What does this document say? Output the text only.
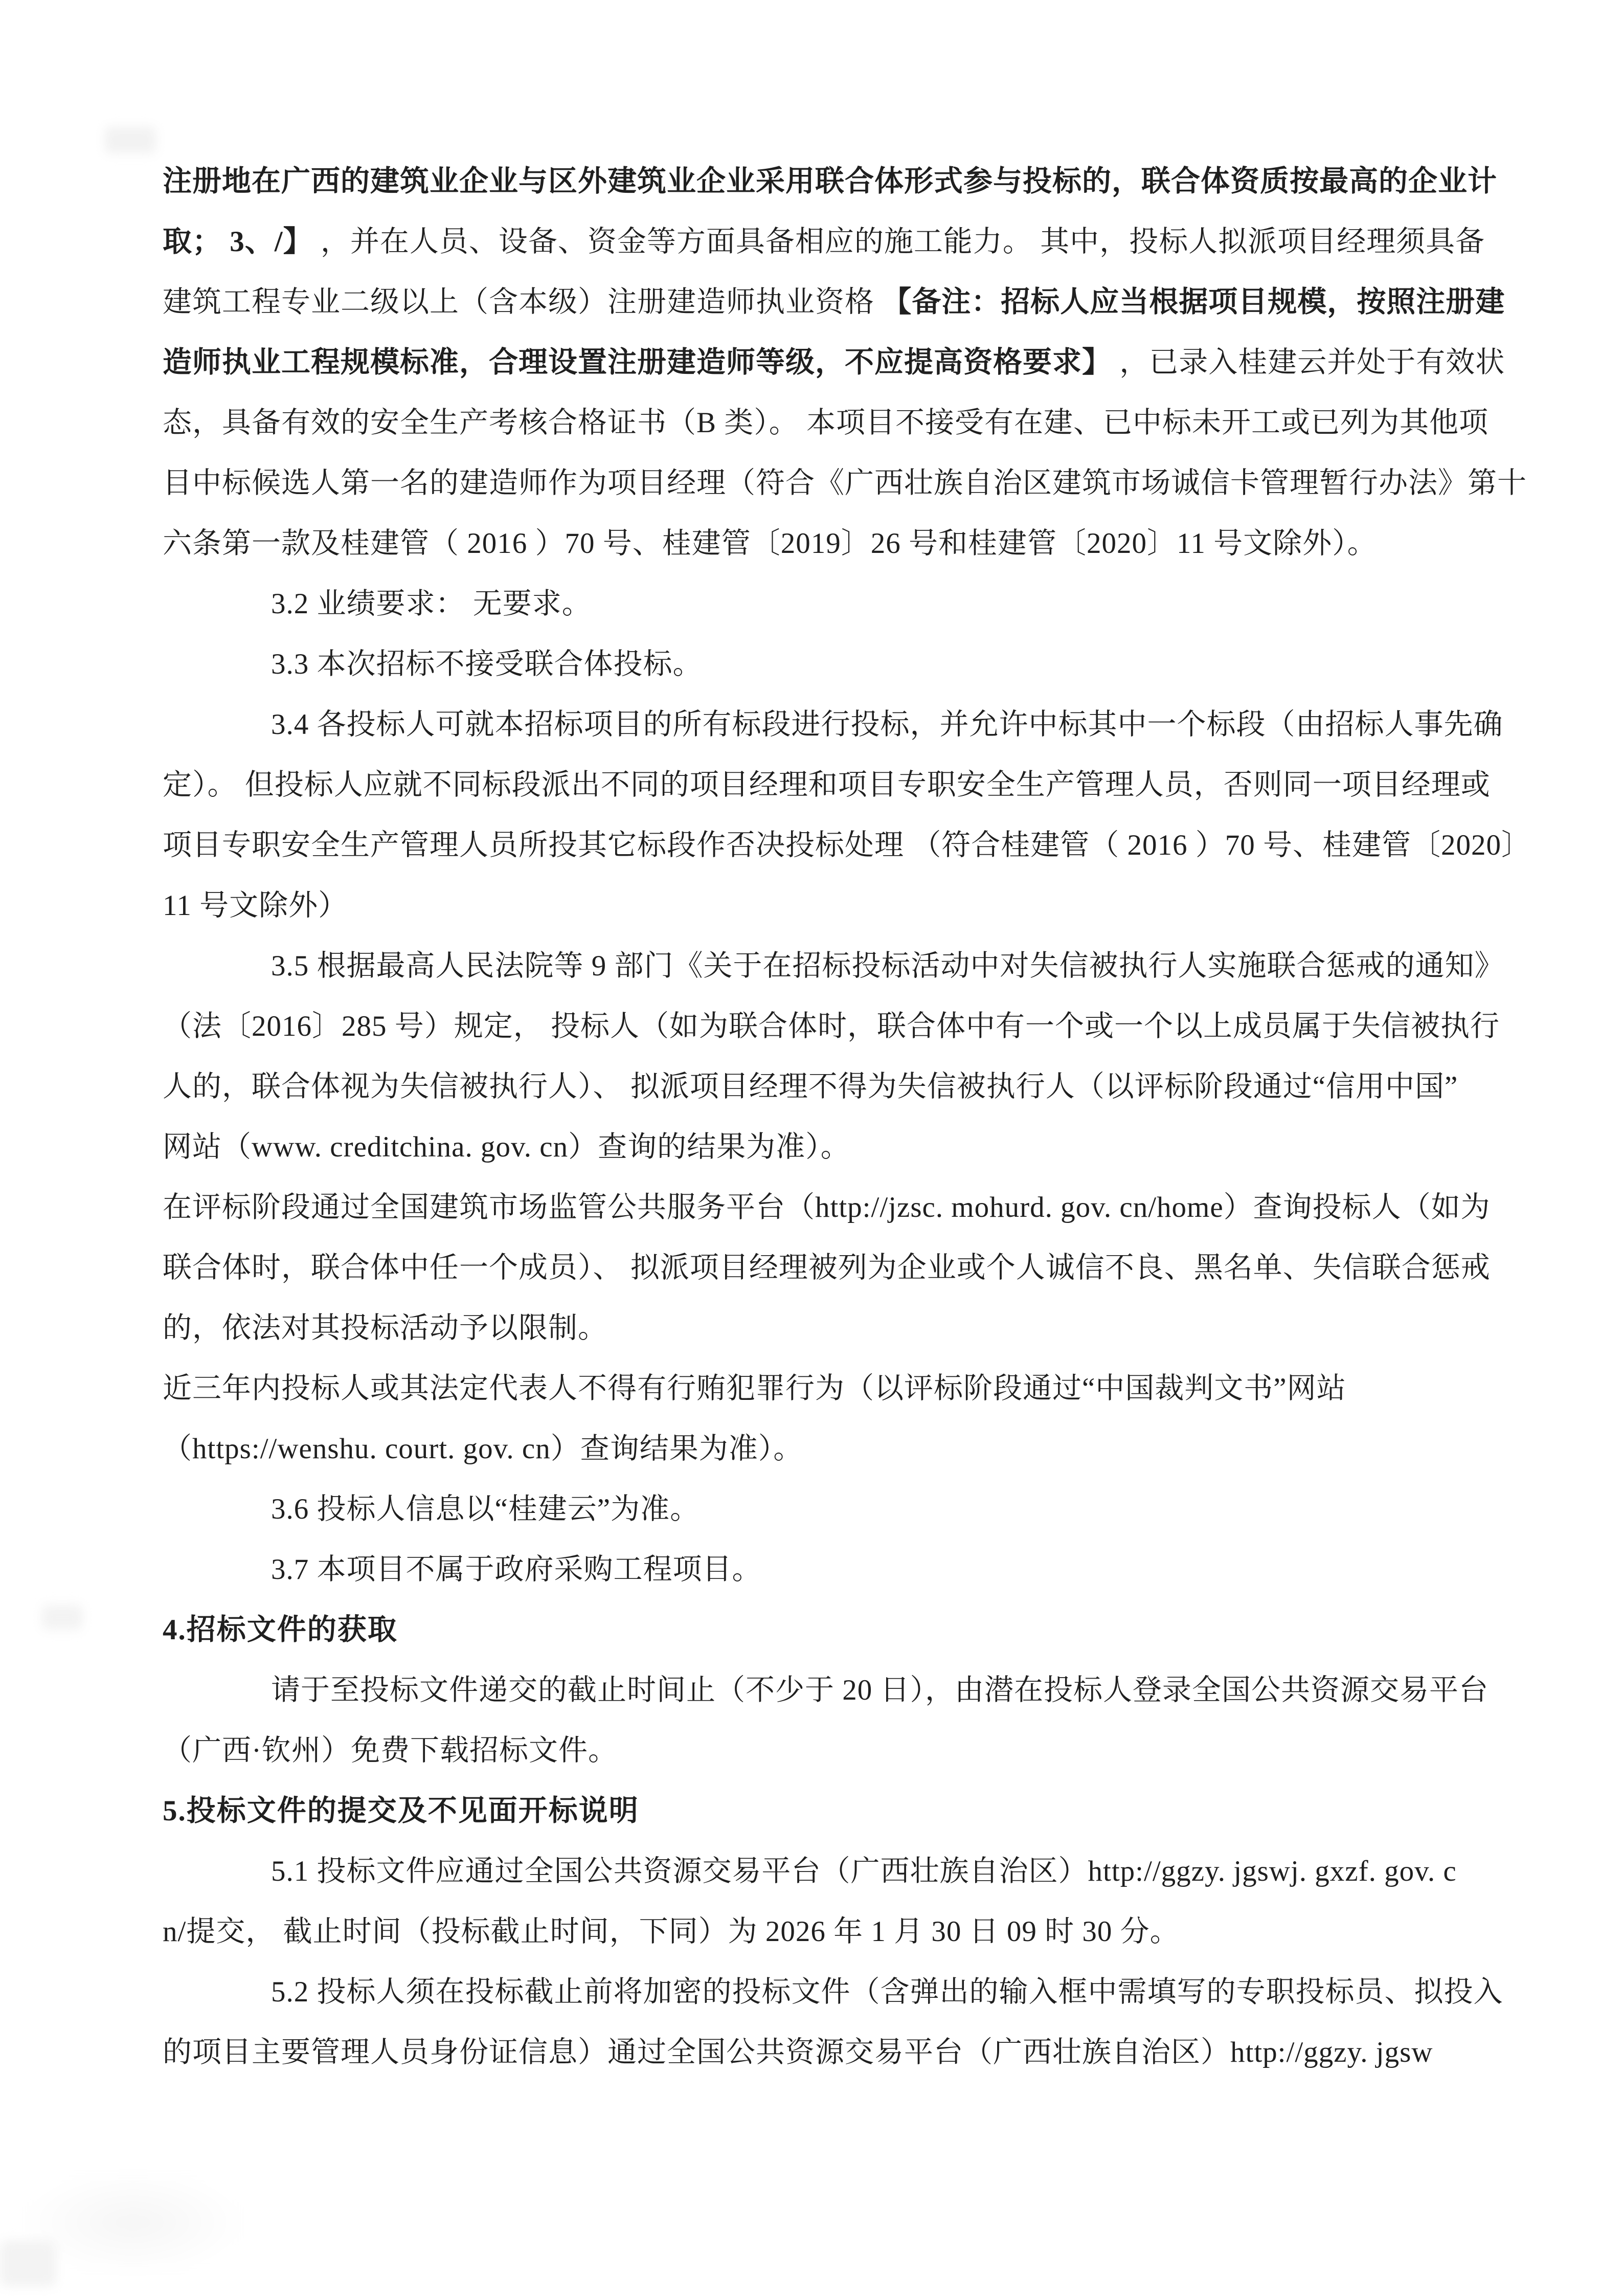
注册地在广西的建筑业企业与区外建筑业企业采用联合体形式参与投标的，联合体资质按最高的企业计
取； 3、/】 ，并在人员、设备、资金等方面具备相应的施工能力。 其中，投标人拟派项目经理须具备
建筑工程专业二级以上（含本级）注册建造师执业资格 【备注：招标人应当根据项目规模，按照注册建
造师执业工程规模标准，合理设置注册建造师等级，不应提高资格要求】 ，已录入桂建云并处于有效状
态，具备有效的安全生产考核合格证书（B 类）。 本项目不接受有在建、已中标未开工或已列为其他项
目中标候选人第一名的建造师作为项目经理（符合《广西壮族自治区建筑市场诚信卡管理暂行办法》第十
六条第一款及桂建管（ 2016 ）70 号、桂建管〔2019〕26 号和桂建管〔2020〕11 号文除外）。
3.2 业绩要求： 无要求。
3.3 本次招标不接受联合体投标。
3.4 各投标人可就本招标项目的所有标段进行投标，并允许中标其中一个标段（由招标人事先确
定）。 但投标人应就不同标段派出不同的项目经理和项目专职安全生产管理人员，否则同一项目经理或
项目专职安全生产管理人员所投其它标段作否决投标处理 （符合桂建管（ 2016 ）70 号、桂建管〔2020〕
11 号文除外）
3.5 根据最高人民法院等 9 部门《关于在招标投标活动中对失信被执行人实施联合惩戒的通知》
（法〔2016〕285 号）规定， 投标人（如为联合体时，联合体中有一个或一个以上成员属于失信被执行
人的，联合体视为失信被执行人）、 拟派项目经理不得为失信被执行人（以评标阶段通过“信用中国”
网站（www. creditchina. gov. cn）查询的结果为准）。
在评标阶段通过全国建筑市场监管公共服务平台（http://jzsc. mohurd. gov. cn/home）查询投标人（如为
联合体时，联合体中任一个成员）、 拟派项目经理被列为企业或个人诚信不良、黑名单、失信联合惩戒
的，依法对其投标活动予以限制。
近三年内投标人或其法定代表人不得有行贿犯罪行为（以评标阶段通过“中国裁判文书”网站
（https://wenshu. court. gov. cn）查询结果为准）。
3.6 投标人信息以“桂建云”为准。
3.7 本项目不属于政府采购工程项目。
4.招标文件的获取
请于至投标文件递交的截止时间止（不少于 20 日），由潜在投标人登录全国公共资源交易平台
（广西·钦州）免费下载招标文件。
5.投标文件的提交及不见面开标说明
5.1 投标文件应通过全国公共资源交易平台（广西壮族自治区）http://ggzy. jgswj. gxzf. gov. c
n/提交， 截止时间（投标截止时间，下同）为 2026 年 1 月 30 日 09 时 30 分。
5.2 投标人须在投标截止前将加密的投标文件（含弹出的输入框中需填写的专职投标员、拟投入
的项目主要管理人员身份证信息）通过全国公共资源交易平台（广西壮族自治区）http://ggzy. jgsw
